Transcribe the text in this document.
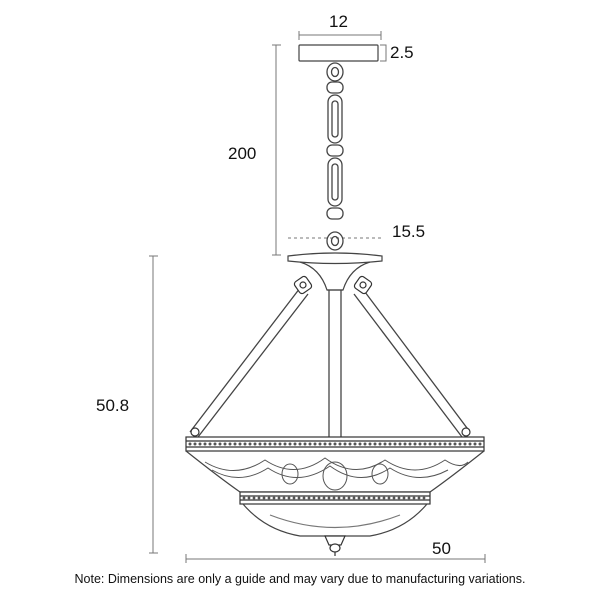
12
2.5
200
15.5
50.8
50
Note: Dimensions are only a guide and may vary due to manufacturing variations.
